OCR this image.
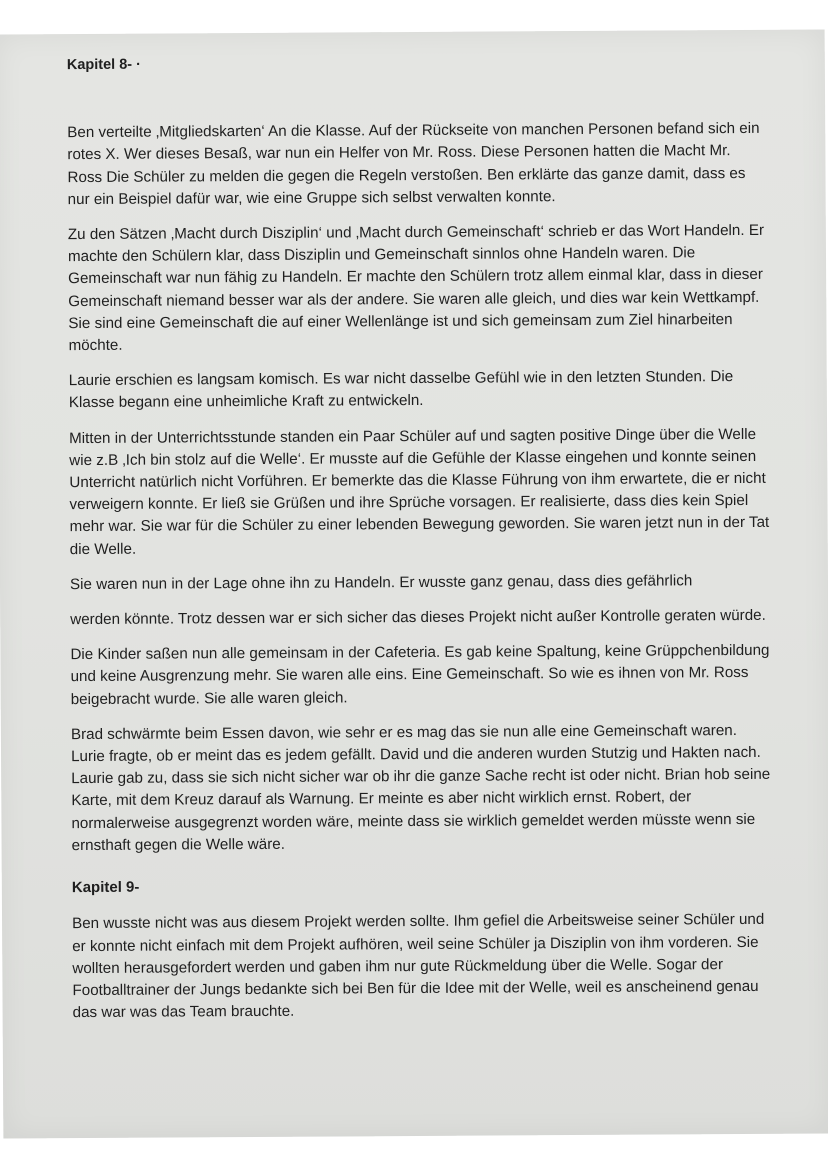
Kapitel 8- ·

Ben verteilte ‚Mitgliedskarten‘ An die Klasse. Auf der Rückseite von manchen Personen befand sich ein rotes X. Wer dieses Besaß, war nun ein Helfer von Mr. Ross. Diese Personen hatten die Macht Mr. Ross Die Schüler zu melden die gegen die Regeln verstoßen. Ben erklärte das ganze damit, dass es nur ein Beispiel dafür war, wie eine Gruppe sich selbst verwalten konnte.

Zu den Sätzen ‚Macht durch Disziplin‘ und ‚Macht durch Gemeinschaft‘ schrieb er das Wort Handeln. Er machte den Schülern klar, dass Disziplin und Gemeinschaft sinnlos ohne Handeln waren. Die Gemeinschaft war nun fähig zu Handeln. Er machte den Schülern trotz allem einmal klar, dass in dieser Gemeinschaft niemand besser war als der andere. Sie waren alle gleich, und dies war kein Wettkampf. Sie sind eine Gemeinschaft die auf einer Wellenlänge ist und sich gemeinsam zum Ziel hinarbeiten möchte.

Laurie erschien es langsam komisch. Es war nicht dasselbe Gefühl wie in den letzten Stunden. Die Klasse begann eine unheimliche Kraft zu entwickeln.

Mitten in der Unterrichtsstunde standen ein Paar Schüler auf und sagten positive Dinge über die Welle wie z.B ‚Ich bin stolz auf die Welle‘. Er musste auf die Gefühle der Klasse eingehen und konnte seinen Unterricht natürlich nicht Vorführen. Er bemerkte das die Klasse Führung von ihm erwartete, die er nicht verweigern konnte. Er ließ sie Grüßen und ihre Sprüche vorsagen. Er realisierte, dass dies kein Spiel mehr war. Sie war für die Schüler zu einer lebenden Bewegung geworden. Sie waren jetzt nun in der Tat die Welle.

Sie waren nun in der Lage ohne ihn zu Handeln. Er wusste ganz genau, dass dies gefährlich

werden könnte. Trotz dessen war er sich sicher das dieses Projekt nicht außer Kontrolle geraten würde.

Die Kinder saßen nun alle gemeinsam in der Cafeteria. Es gab keine Spaltung, keine Grüppchenbildung und keine Ausgrenzung mehr. Sie waren alle eins. Eine Gemeinschaft. So wie es ihnen von Mr. Ross beigebracht wurde. Sie alle waren gleich.

Brad schwärmte beim Essen davon, wie sehr er es mag das sie nun alle eine Gemeinschaft waren. Lurie fragte, ob er meint das es jedem gefällt. David und die anderen wurden Stutzig und Hakten nach. Laurie gab zu, dass sie sich nicht sicher war ob ihr die ganze Sache recht ist oder nicht. Brian hob seine Karte, mit dem Kreuz darauf als Warnung. Er meinte es aber nicht wirklich ernst. Robert, der normalerweise ausgegrenzt worden wäre, meinte dass sie wirklich gemeldet werden müsste wenn sie ernsthaft gegen die Welle wäre.

Kapitel 9-

Ben wusste nicht was aus diesem Projekt werden sollte. Ihm gefiel die Arbeitsweise seiner Schüler und er konnte nicht einfach mit dem Projekt aufhören, weil seine Schüler ja Disziplin von ihm vorderen. Sie wollten herausgefordert werden und gaben ihm nur gute Rückmeldung über die Welle. Sogar der Footballtrainer der Jungs bedankte sich bei Ben für die Idee mit der Welle, weil es anscheinend genau das war was das Team brauchte.
